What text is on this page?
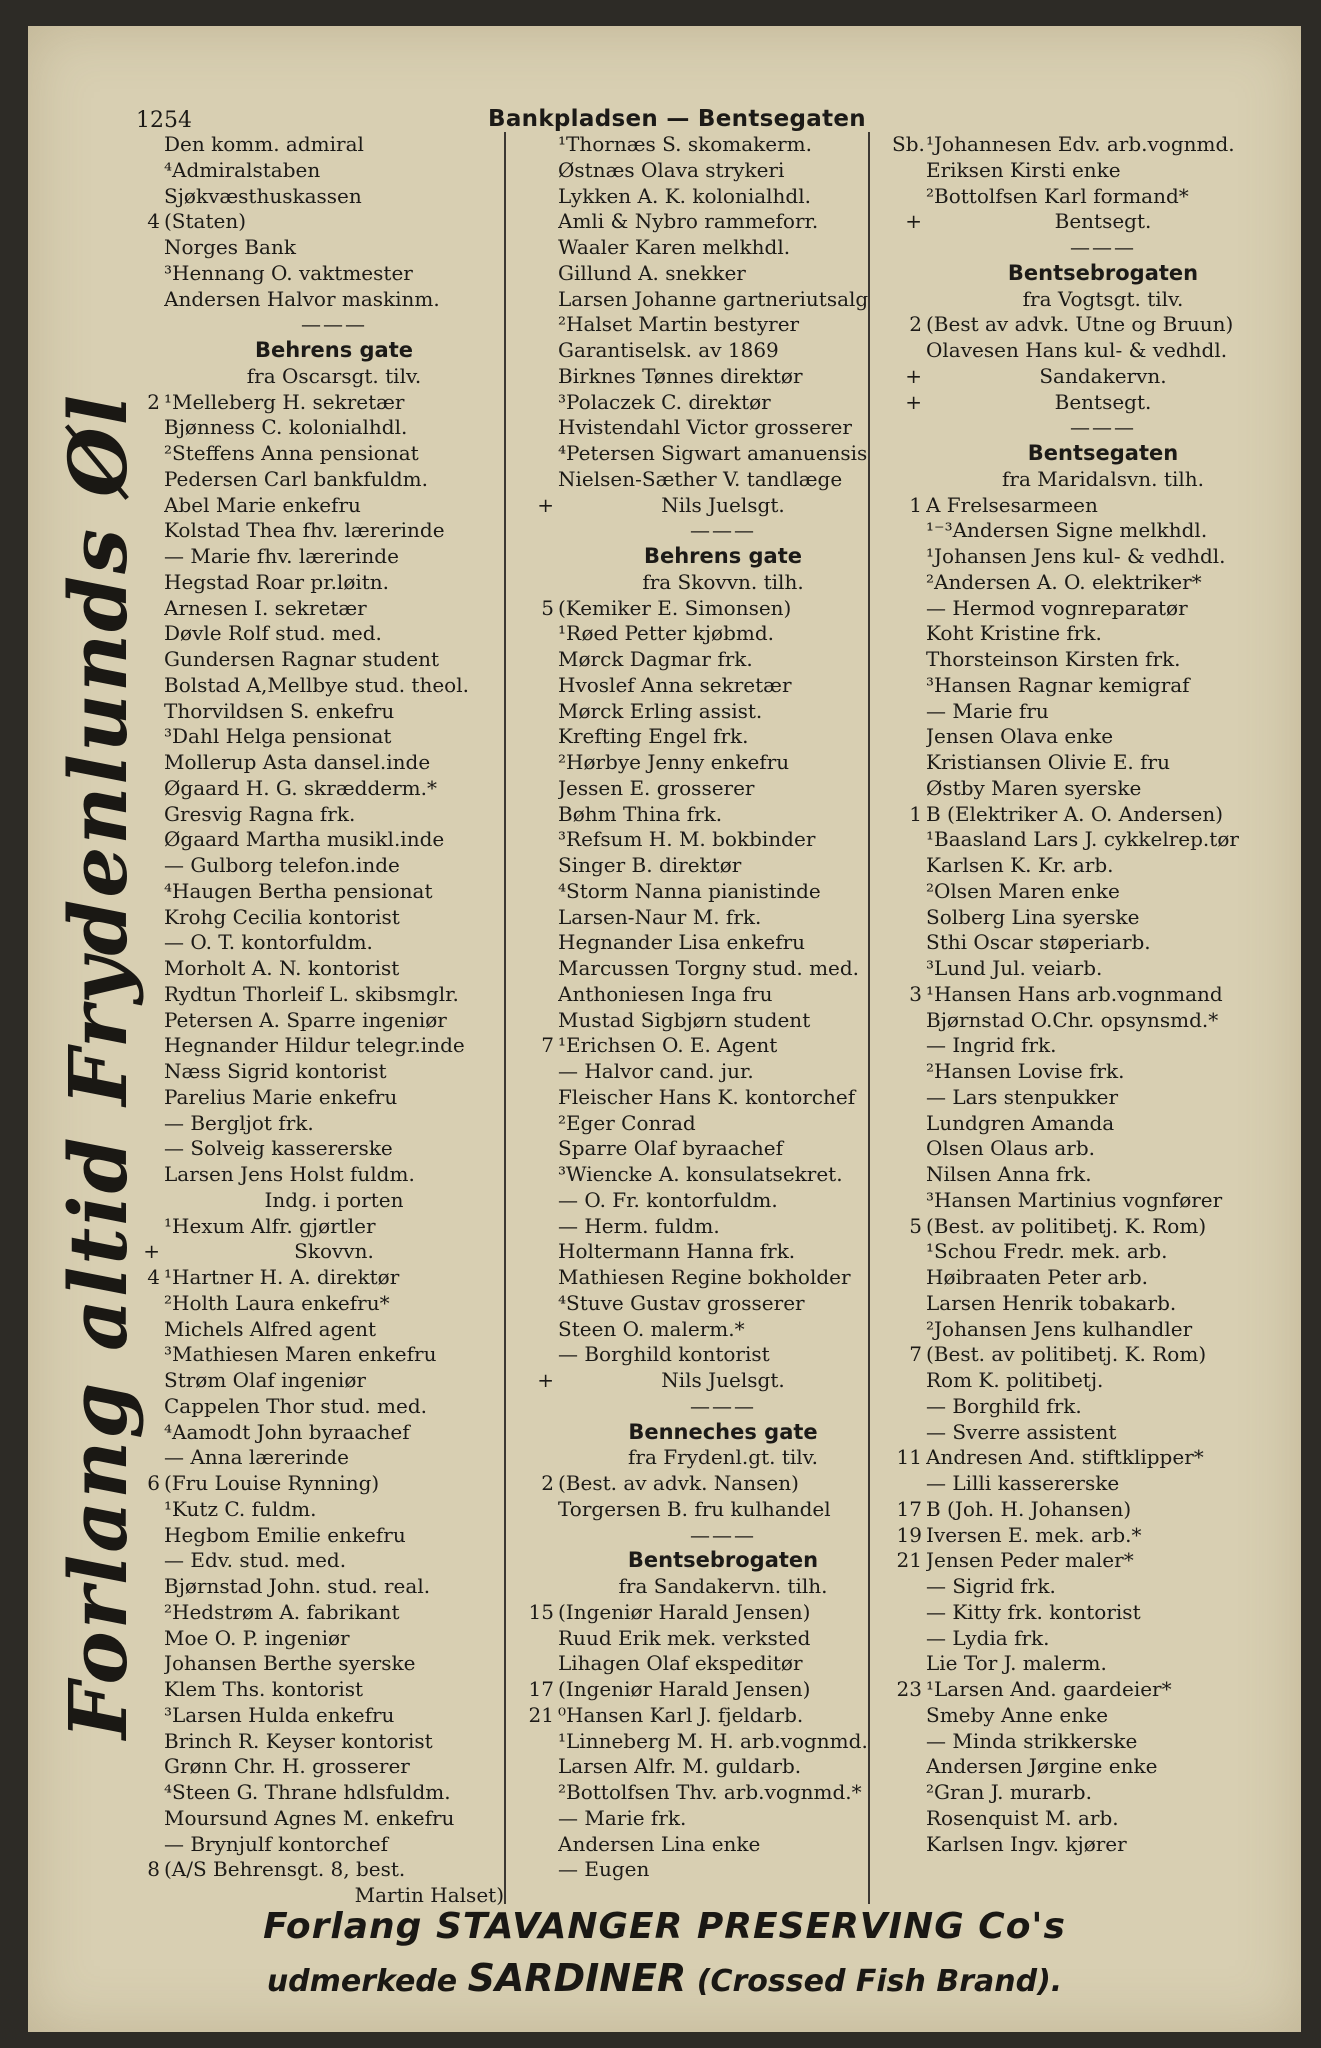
1254	Bankpladsen — Bentsegaten
Forlang altid Frydenlunds Øl
Den komm. admiral
⁴Admiralstaben
Sjøkvæsthuskassen
4 (Staten)
Norges Bank
³Hennang O. vaktmester
Andersen Halvor maskinm.
———
Behrens gate
fra Oscarsgt. tilv.
2 ¹Melleberg H. sekretær
Bjønness C. kolonialhdl.
²Steffens Anna pensionat
Pedersen Carl bankfuldm.
Abel Marie enkefru
Kolstad Thea fhv. lærerinde
— Marie fhv. lærerinde
Hegstad Roar pr.løitn.
Arnesen I. sekretær
Døvle Rolf stud. med.
Gundersen Ragnar student
Bolstad A,Mellbye stud. theol.
Thorvildsen S. enkefru
³Dahl Helga pensionat
Mollerup Asta dansel.inde
Øgaard H. G. skrædderm.*
Gresvig Ragna frk.
Øgaard Martha musikl.inde
— Gulborg telefon.inde
⁴Haugen Bertha pensionat
Krohg Cecilia kontorist
— O. T. kontorfuldm.
Morholt A. N. kontorist
Rydtun Thorleif L. skibsmglr.
Petersen A. Sparre ingeniør
Hegnander Hildur telegr.inde
Næss Sigrid kontorist
Parelius Marie enkefru
— Bergljot frk.
— Solveig kassererske
Larsen Jens Holst fuldm.
Indg. i porten
¹Hexum Alfr. gjørtler
+	Skovvn.
4 ¹Hartner H. A. direktør
²Holth Laura enkefru*
Michels Alfred agent
³Mathiesen Maren enkefru
Strøm Olaf ingeniør
Cappelen Thor stud. med.
⁴Aamodt John byraachef
— Anna lærerinde
6 (Fru Louise Rynning)
¹Kutz C. fuldm.
Hegbom Emilie enkefru
— Edv. stud. med.
Bjørnstad John. stud. real.
²Hedstrøm A. fabrikant
Moe O. P. ingeniør
Johansen Berthe syerske
Klem Ths. kontorist
³Larsen Hulda enkefru
Brinch R. Keyser kontorist
Grønn Chr. H. grosserer
⁴Steen G. Thrane hdlsfuldm.
Moursund Agnes M. enkefru
— Brynjulf kontorchef
8 (A/S Behrensgt. 8, best.
Martin Halset)
¹Thornæs S. skomakerm.
Østnæs Olava strykeri
Lykken A. K. kolonialhdl.
Amli & Nybro rammeforr.
Waaler Karen melkhdl.
Gillund A. snekker
Larsen Johanne gartneriutsalg
²Halset Martin bestyrer
Garantiselsk. av 1869
Birknes Tønnes direktør
³Polaczek C. direktør
Hvistendahl Victor grosserer
⁴Petersen Sigwart amanuensis
Nielsen-Sæther V. tandlæge
+	Nils Juelsgt.
———
Behrens gate
fra Skovvn. tilh.
5 (Kemiker E. Simonsen)
¹Røed Petter kjøbmd.
Mørck Dagmar frk.
Hvoslef Anna sekretær
Mørck Erling assist.
Krefting Engel frk.
²Hørbye Jenny enkefru
Jessen E. grosserer
Bøhm Thina frk.
³Refsum H. M. bokbinder
Singer B. direktør
⁴Storm Nanna pianistinde
Larsen-Naur M. frk.
Hegnander Lisa enkefru
Marcussen Torgny stud. med.
Anthoniesen Inga fru
Mustad Sigbjørn student
7 ¹Erichsen O. E. Agent
— Halvor cand. jur.
Fleischer Hans K. kontorchef
²Eger Conrad
Sparre Olaf byraachef
³Wiencke A. konsulatsekret.
— O. Fr. kontorfuldm.
— Herm. fuldm.
Holtermann Hanna frk.
Mathiesen Regine bokholder
⁴Stuve Gustav grosserer
Steen O. malerm.*
— Borghild kontorist
+	Nils Juelsgt.
———
Benneches gate
fra Frydenl.gt. tilv.
2 (Best. av advk. Nansen)
Torgersen B. fru kulhandel
———
Bentsebrogaten
fra Sandakervn. tilh.
15 (Ingeniør Harald Jensen)
Ruud Erik mek. verksted
Lihagen Olaf ekspeditør
17 (Ingeniør Harald Jensen)
21 ⁰Hansen Karl J. fjeldarb.
¹Linneberg M. H. arb.vognmd.
Larsen Alfr. M. guldarb.
²Bottolfsen Thv. arb.vognmd.*
— Marie frk.
Andersen Lina enke
— Eugen
Sb. ¹Johannesen Edv. arb.vognmd.
Eriksen Kirsti enke
²Bottolfsen Karl formand*
+	Bentsegt.
———
Bentsebrogaten
fra Vogtsgt. tilv.
2 (Best av advk. Utne og Bruun)
Olavesen Hans kul- & vedhdl.
+	Sandakervn.
+	Bentsegt.
———
Bentsegaten
fra Maridalsvn. tilh.
1 A Frelsesarmeen
¹⁻³Andersen Signe melkhdl.
¹Johansen Jens kul- & vedhdl.
²Andersen A. O. elektriker*
— Hermod vognreparatør
Koht Kristine frk.
Thorsteinson Kirsten frk.
³Hansen Ragnar kemigraf
— Marie fru
Jensen Olava enke
Kristiansen Olivie E. fru
Østby Maren syerske
1 B (Elektriker A. O. Andersen)
¹Baasland Lars J. cykkelrep.tør
Karlsen K. Kr. arb.
²Olsen Maren enke
Solberg Lina syerske
Sthi Oscar støperiarb.
³Lund Jul. veiarb.
3 ¹Hansen Hans arb.vognmand
Bjørnstad O.Chr. opsynsmd.*
— Ingrid frk.
²Hansen Lovise frk.
— Lars stenpukker
Lundgren Amanda
Olsen Olaus arb.
Nilsen Anna frk.
³Hansen Martinius vognfører
5 (Best. av politibetj. K. Rom)
¹Schou Fredr. mek. arb.
Høibraaten Peter arb.
Larsen Henrik tobakarb.
²Johansen Jens kulhandler
7 (Best. av politibetj. K. Rom)
Rom K. politibetj.
— Borghild frk.
— Sverre assistent
11 Andresen And. stiftklipper*
— Lilli kassererske
17 B (Joh. H. Johansen)
19 Iversen E. mek. arb.*
21 Jensen Peder maler*
— Sigrid frk.
— Kitty frk. kontorist
— Lydia frk.
Lie Tor J. malerm.
23 ¹Larsen And. gaardeier*
Smeby Anne enke
— Minda strikkerske
Andersen Jørgine enke
²Gran J. murarb.
Rosenquist M. arb.
Karlsen Ingv. kjører
Forlang STAVANGER PRESERVING Co's
udmerkede SARDINER (Crossed Fish Brand).
